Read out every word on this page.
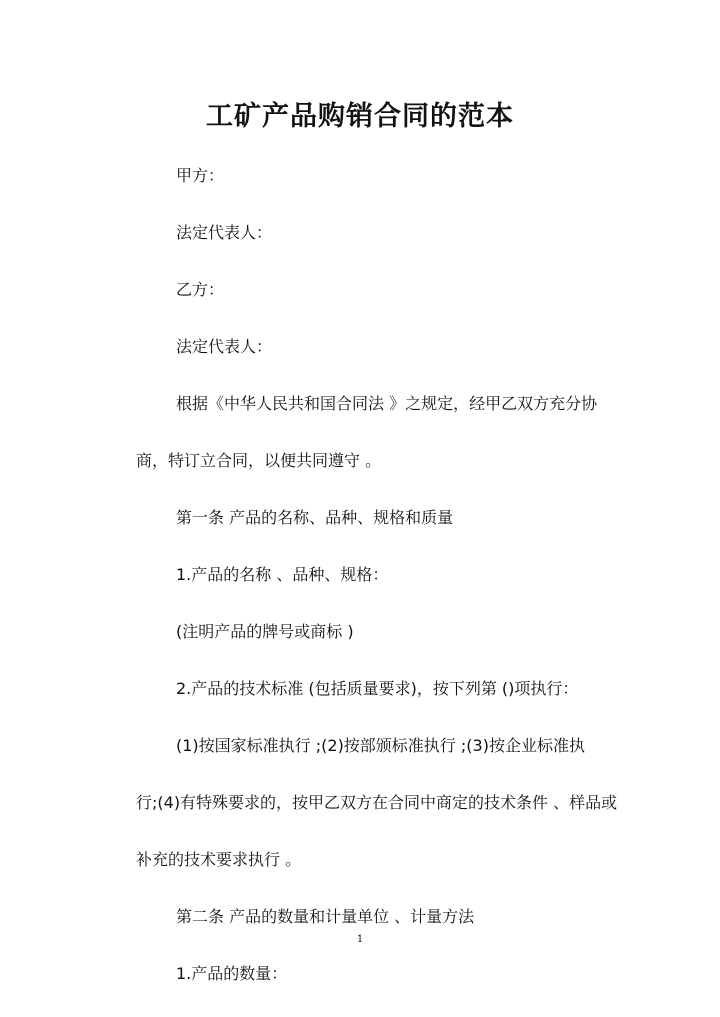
工矿产品购销合同的范本
甲方：
法定代表人：
乙方：
法定代表人：
根据《中华人民共和国合同法 》之规定，经甲乙双方充分协
商，特订立合同，以便共同遵守 。
第一条 产品的名称、品种、规格和质量
1.产品的名称 、品种、规格：
(注明产品的牌号或商标 )
2.产品的技术标准 (包括质量要求)，按下列第 ()项执行：
(1)按国家标准执行 ;(2)按部颁标准执行 ;(3)按企业标准执
行;(4)有特殊要求的，按甲乙双方在合同中商定的技术条件 、样品或
补充的技术要求执行 。
第二条 产品的数量和计量单位 、计量方法
1.产品的数量：
1
